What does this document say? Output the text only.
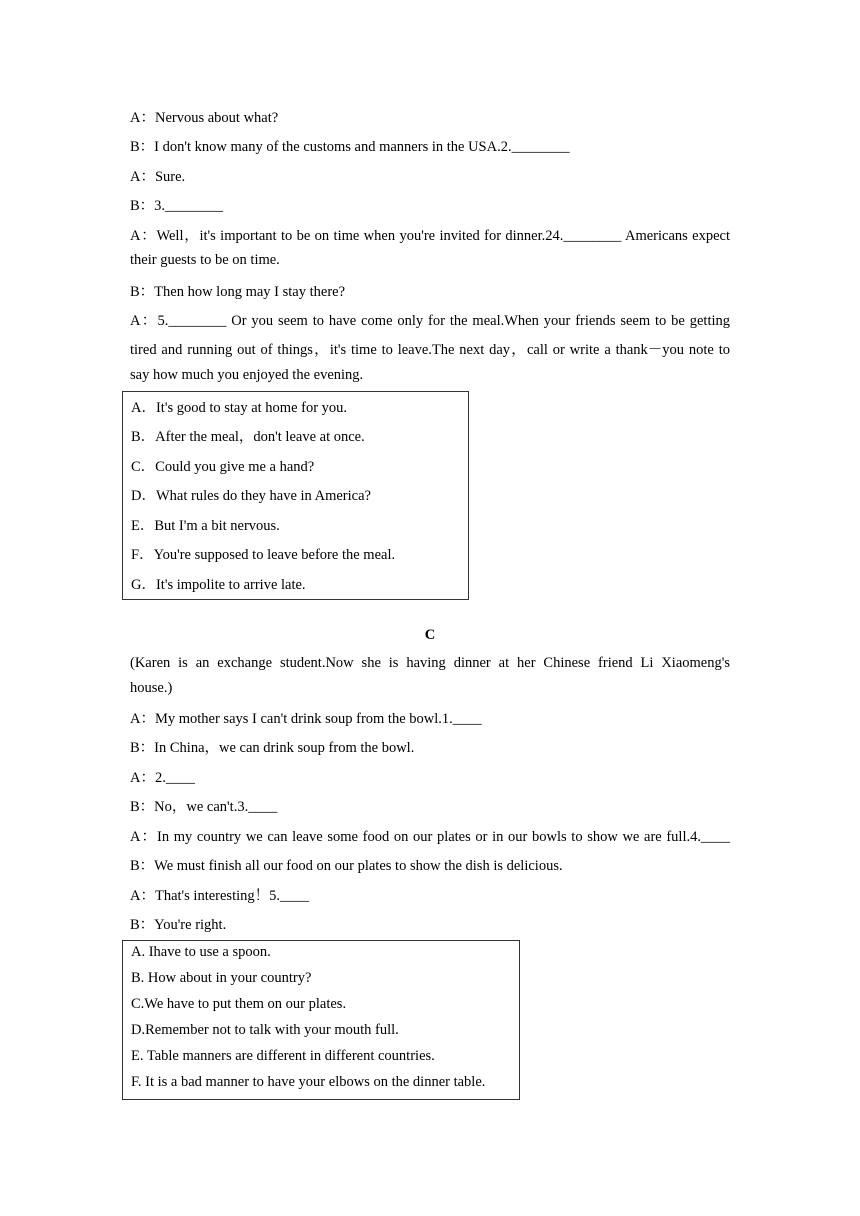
A：Nervous about what?
B：I don't know many of the customs and manners in the USA.2.________
A：Sure.
B：3.________
A：Well，it's important to be on time when you're invited for dinner.24.________ Americans expect
their guests to be on time.
B：Then how long may I stay there?
A：5.________ Or you seem to have come only for the meal.When your friends seem to be getting
tired and running out of things，it's time to leave.The next day，call or write a thank－you note to
say how much you enjoyed the evening.
A．It's good to stay at home for you.
B．After the meal，don't leave at once.
C．Could you give me a hand?
D．What rules do they have in America?
E．But I'm a bit nervous.
F．You're supposed to leave before the meal.
G．It's impolite to arrive late.
C
(Karen is an exchange student.Now she is having dinner at her Chinese friend Li Xiaomeng's
house.)
A：My mother says I can't drink soup from the bowl.1.____
B：In China，we can drink soup from the bowl.
A：2.____
B：No，we can't.3.____
A：In my country we can leave some food on our plates or in our bowls to show we are full.4.____
B：We must finish all our food on our plates to show the dish is delicious.
A：That's interesting！5.____
B：You're right.
A. Ihave to use a spoon.
B. How about in your country?
C.We have to put them on our plates.
D.Remember not to talk with your mouth full.
E. Table manners are different in different countries.
F. It is a bad manner to have your elbows on the dinner table.
